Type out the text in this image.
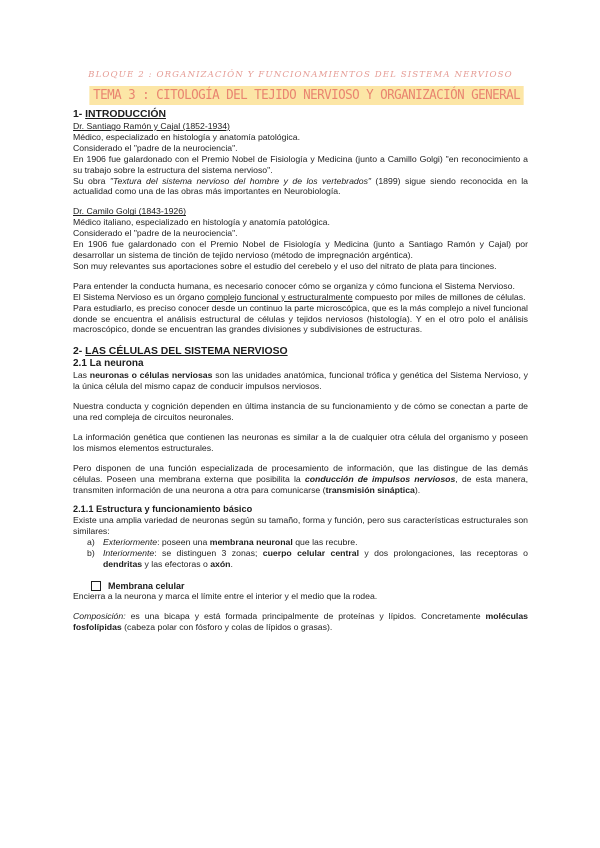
BLOQUE 2 : ORGANIZACIÓN Y FUNCIONAMIENTOS DEL SISTEMA NERVIOSO
TEMA 3 : CITOLOGÍA DEL TEJIDO NERVIOSO Y ORGANIZACIÓN GENERAL
1- INTRODUCCIÓN

Dr. Santiago Ramón y Cajal (1852-1934)

Médico, especializado en histología y anatomía patológica.

Considerado el "padre de la neurociencia".

En 1906 fue galardonado con el Premio Nobel de Fisiología y Medicina (junto a Camillo Golgi) "en reconocimiento a su trabajo sobre la estructura del sistema nervioso".

Su obra "Textura del sistema nervioso del hombre y de los vertebrados" (1899) sigue siendo reconocida en la actualidad como una de las obras más importantes en Neurobiología.

Dr. Camilo Golgi (1843-1926)

Médico italiano, especializado en histología y anatomía patológica.

Considerado el "padre de la neurociencia".

En 1906 fue galardonado con el Premio Nobel de Fisiología y Medicina (junto a Santiago Ramón y Cajal) por desarrollar un sistema de tinción de tejido nervioso (método de impregnación argéntica).

Son muy relevantes sus aportaciones sobre el estudio del cerebelo y el uso del nitrato de plata para tinciones.

Para entender la conducta humana, es necesario conocer cómo se organiza y cómo funciona el Sistema Nervioso.

El Sistema Nervioso es un órgano complejo funcional y estructuralmente compuesto por miles de millones de células.

Para estudiarlo, es preciso conocer desde un continuo la parte microscópica, que es la más complejo a nivel funcional donde se encuentra el análisis estructural de células y tejidos nerviosos (histología). Y en el otro polo el análisis macroscópico, donde se encuentran las grandes divisiones y subdivisiones de estructuras.

2- LAS CÉLULAS DEL SISTEMA NERVIOSO
2.1 La neurona

Las neuronas o células nerviosas son las unidades anatómica, funcional trófica y genética del Sistema Nervioso, y la única célula del mismo capaz de conducir impulsos nerviosos.

Nuestra conducta y cognición dependen en última instancia de su funcionamiento y de cómo se conectan a parte de una red compleja de circuitos neuronales.

La información genética que contienen las neuronas es similar a la de cualquier otra célula del organismo y poseen los mismos elementos estructurales.

Pero disponen de una función especializada de procesamiento de información, que las distingue de las demás células. Poseen una membrana externa que posibilita la conducción de impulsos nerviosos, de esta manera, transmiten información de una neurona a otra para comunicarse (transmisión sináptica).

2.1.1 Estructura y funcionamiento básico

Existe una amplia variedad de neuronas según su tamaño, forma y función, pero sus características estructurales son similares:

a) Exteriormente: poseen una membrana neuronal que las recubre.
b) Interiormente: se distinguen 3 zonas; cuerpo celular central y dos prolongaciones, las receptoras o dendritas y las efectoras o axón.
Membrana celular

Encierra a la neurona y marca el límite entre el interior y el medio que la rodea.

Composición: es una bicapa y está formada principalmente de proteínas y lípidos. Concretamente moléculas fosfolípidas (cabeza polar con fósforo y colas de lípidos o grasas).
